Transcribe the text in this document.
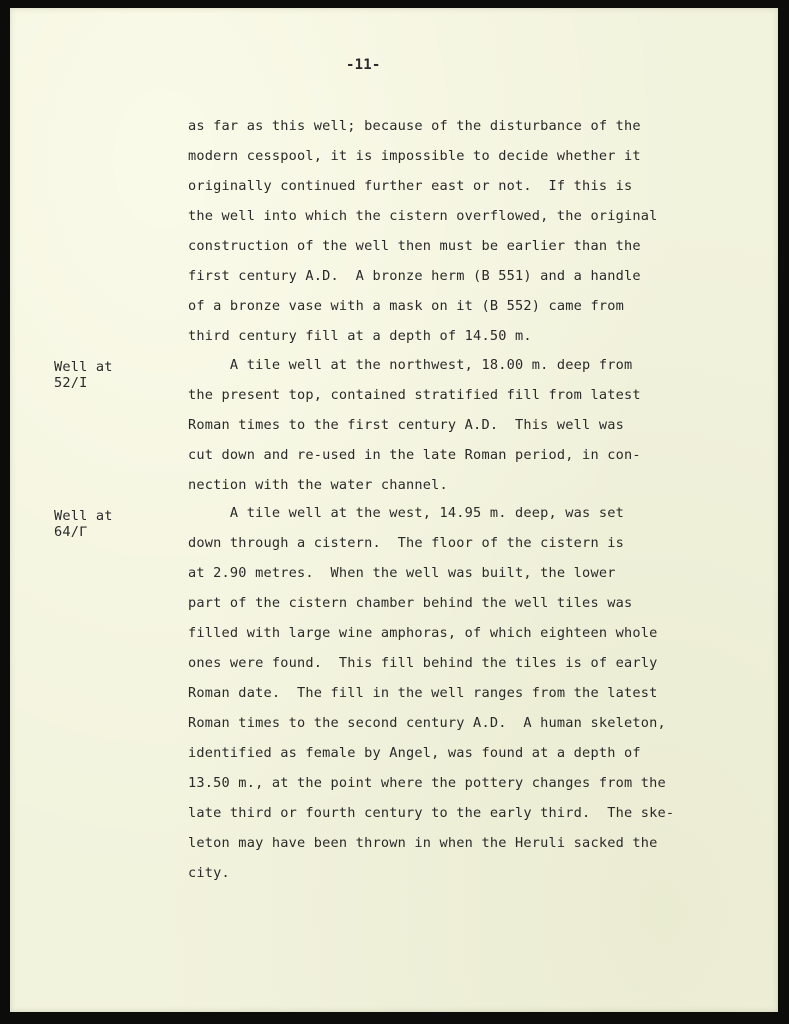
-11-

as far as this well; because of the disturbance of the

modern cesspool, it is impossible to decide whether it

originally continued further east or not.  If this is

the well into which the cistern overflowed, the original

construction of the well then must be earlier than the

first century A.D.  A bronze herm (B 551) and a handle

of a bronze vase with a mask on it (B 552) came from

third century fill at a depth of 14.50 m.

Well at

52/I

A tile well at the northwest, 18.00 m. deep from

the present top, contained stratified fill from latest

Roman times to the first century A.D.  This well was

cut down and re-used in the late Roman period, in con-

nection with the water channel.

Well at

64/Γ

A tile well at the west, 14.95 m. deep, was set

down through a cistern.  The floor of the cistern is

at 2.90 metres.  When the well was built, the lower

part of the cistern chamber behind the well tiles was

filled with large wine amphoras, of which eighteen whole

ones were found.  This fill behind the tiles is of early

Roman date.  The fill in the well ranges from the latest

Roman times to the second century A.D.  A human skeleton,

identified as female by Angel, was found at a depth of

13.50 m., at the point where the pottery changes from the

late third or fourth century to the early third.  The ske-

leton may have been thrown in when the Heruli sacked the

city.
